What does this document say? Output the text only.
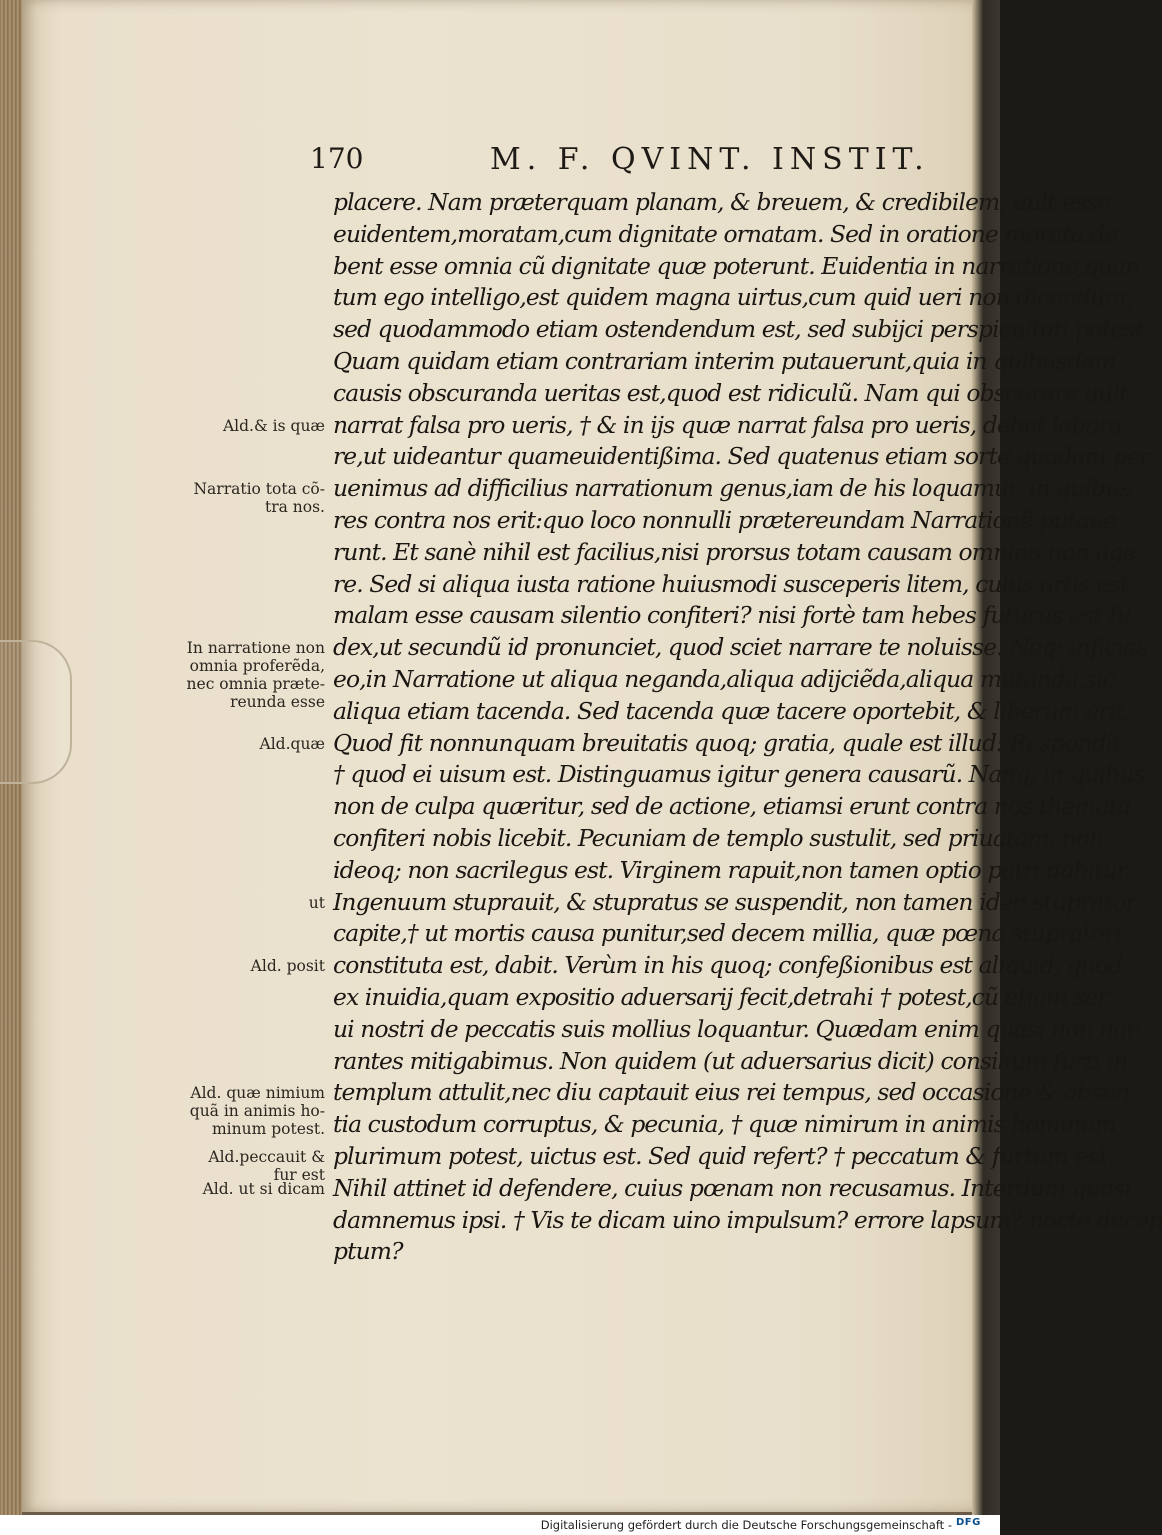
170	M. F. QVINT. INSTIT.
Ald.& is quæ
Narratio tota cõ-
tra nos.
In narratione non
omnia proferẽda,
nec omnia præte-
reunda esse
Ald.quæ
ut
Ald. posit
Ald. quæ nimium
quã in animis ho-
minum potest.
Ald.peccauit &
fur est
Ald. ut si dicam
placere. Nam præterquam planam, & breuem, & credibilem, uult esse
euidentem,moratam,cum dignitate ornatam. Sed in oratione morata,de
bent esse omnia cũ dignitate quæ poterunt. Euidentia in narratione,quan
tum ego intelligo,est quidem magna uirtus,cum quid ueri non dicendum,
sed quodammodo etiam ostendendum est, sed subijci perspicuitati potest.
Quam quidam etiam contrariam interim putauerunt,quia in quibusdam
causis obscuranda ueritas est,quod est ridiculũ. Nam qui obscurare uult,
narrat falsa pro ueris, † & in ijs quæ narrat falsa pro ueris, debet labora
re,ut uideantur quameuidentißima. Sed quatenus etiam sorte quadam per
uenimus ad difficilius narrationum genus,iam de his loquamur, in quibus
res contra nos erit:quo loco nonnulli prætereundam Narrationẽ putaue
runt. Et sanè nihil est facilius,nisi prorsus totam causam omnino non age
re. Sed si aliqua iusta ratione huiusmodi susceperis litem, cuius artis est
malam esse causam silentio confiteri? nisi fortè tam hebes futurus est Iu
dex,ut secundũ id pronunciet, quod sciet narrare te noluisse. Neq; inficias
eo,in Narratione ut aliqua neganda,aliqua adijciẽda,aliqua mutanda,sic
aliqua etiam tacenda. Sed tacenda quæ tacere oportebit, & liberum erit.
Quod fit nonnunquam breuitatis quoq; gratia, quale est illud: Respondit
† quod ei uisum est. Distinguamus igitur genera causarũ. Nanq; in quibus
non de culpa quæritur, sed de actione, etiamsi erunt contra nos themata,
confiteri nobis licebit. Pecuniam de templo sustulit, sed priuatam, non
ideoq; non sacrilegus est. Virginem rapuit,non tamen optio patri dabitur.
Ingenuum stuprauit, & stupratus se suspendit, non tamen ideo stuprator
capite,† ut mortis causa punitur,sed decem millia, quæ pœna stupratori
constituta est, dabit. Verùm in his quoq; confeßionibus est aliquid, quod
ex inuidia,quam expositio aduersarij fecit,detrahi † potest,cũ etiam ser
ui nostri de peccatis suis mollius loquantur. Quædam enim quasi non nar
rantes mitigabimus. Non quidem (ut aduersarius dicit) consilium furti in
templum attulit,nec diu captauit eius rei tempus, sed occasione & absen
tia custodum corruptus, & pecunia, † quæ nimirum in animis hominum
plurimum potest, uictus est. Sed quid refert? † peccatum & furtum est.
Nihil attinet id defendere, cuius pœnam non recusamus. Interdum quasi
damnemus ipsi. † Vis te dicam uino impulsum? errore lapsum? nocte decep
ptum?
Digitalisierung gefördert durch die Deutsche Forschungsgemeinschaft - DFG
